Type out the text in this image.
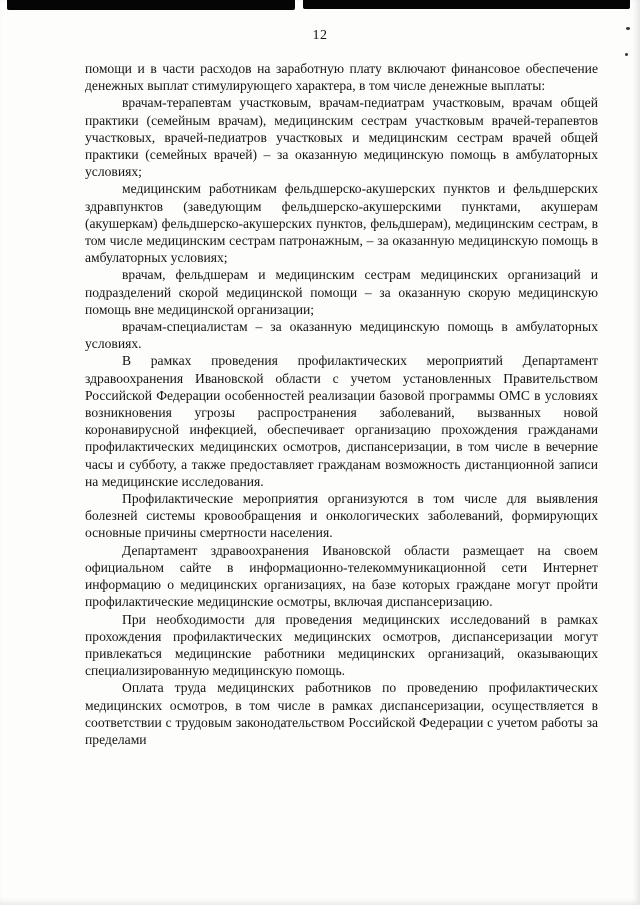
12

помощи и в части расходов на заработную плату включают финансовое обеспечение денежных выплат стимулирующего характера, в том числе денежные выплаты:

врачам-терапевтам участковым, врачам-педиатрам участковым, врачам общей практики (семейным врачам), медицинским сестрам участковым врачей-терапевтов участковых, врачей-педиатров участковых и медицинским сестрам врачей общей практики (семейных врачей) – за оказанную медицинскую помощь в амбулаторных условиях;

медицинским работникам фельдшерско-акушерских пунктов и фельдшерских здравпунктов (заведующим фельдшерско-акушерскими пунктами, акушерам (акушеркам) фельдшерско-акушерских пунктов, фельдшерам), медицинским сестрам, в том числе медицинским сестрам патронажным, – за оказанную медицинскую помощь в амбулаторных условиях;

врачам, фельдшерам и медицинским сестрам медицинских организаций и подразделений скорой медицинской помощи – за оказанную скорую медицинскую помощь вне медицинской организации;

врачам-специалистам – за оказанную медицинскую помощь в амбулаторных условиях.

В рамках проведения профилактических мероприятий Департамент здравоохранения Ивановской области с учетом установленных Правительством Российской Федерации особенностей реализации базовой программы ОМС в условиях возникновения угрозы распространения заболеваний, вызванных новой коронавирусной инфекцией, обеспечивает организацию прохождения гражданами профилактических медицинских осмотров, диспансеризации, в том числе в вечерние часы и субботу, а также предоставляет гражданам возможность дистанционной записи на медицинские исследования.

Профилактические мероприятия организуются в том числе для выявления болезней системы кровообращения и онкологических заболеваний, формирующих основные причины смертности населения.

Департамент здравоохранения Ивановской области размещает на своем официальном сайте в информационно-телекоммуникационной сети Интернет информацию о медицинских организациях, на базе которых граждане могут пройти профилактические медицинские осмотры, включая диспансеризацию.

При необходимости для проведения медицинских исследований в рамках прохождения профилактических медицинских осмотров, диспансеризации могут привлекаться медицинские работники медицинских организаций, оказывающих специализированную медицинскую помощь.

Оплата труда медицинских работников по проведению профилактических медицинских осмотров, в том числе в рамках диспансеризации, осуществляется в соответствии с трудовым законодательством Российской Федерации с учетом работы за пределами
